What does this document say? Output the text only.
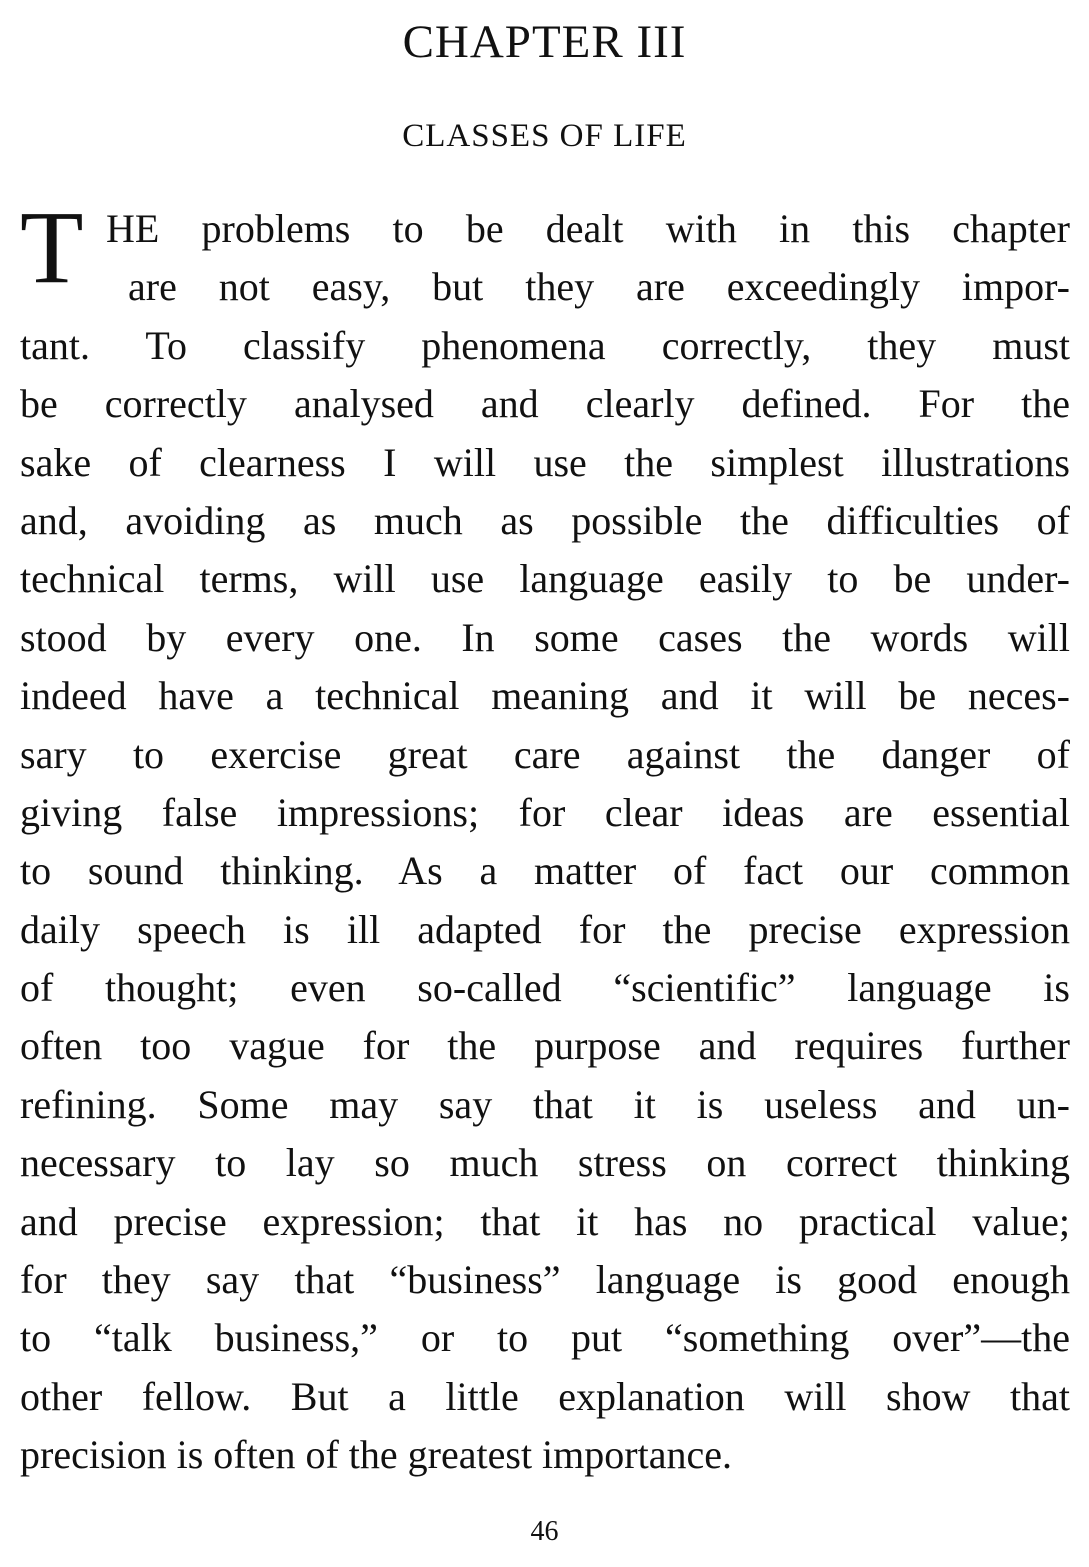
CHAPTER III
CLASSES OF LIFE
T HE problems to be dealt with in this chapter
are not easy, but they are exceedingly impor-
tant. To classify phenomena correctly, they must
be correctly analysed and clearly defined. For the
sake of clearness I will use the simplest illustrations
and, avoiding as much as possible the difficulties of
technical terms, will use language easily to be under-
stood by every one. In some cases the words will
indeed have a technical meaning and it will be neces-
sary to exercise great care against the danger of
giving false impressions; for clear ideas are essential
to sound thinking. As a matter of fact our common
daily speech is ill adapted for the precise expression
of thought; even so-called “scientific” language is
often too vague for the purpose and requires further
refining. Some may say that it is useless and un-
necessary to lay so much stress on correct thinking
and precise expression; that it has no practical value;
for they say that “business” language is good enough
to “talk business,” or to put “something over”—the
other fellow. But a little explanation will show that
precision is often of the greatest importance.
46
